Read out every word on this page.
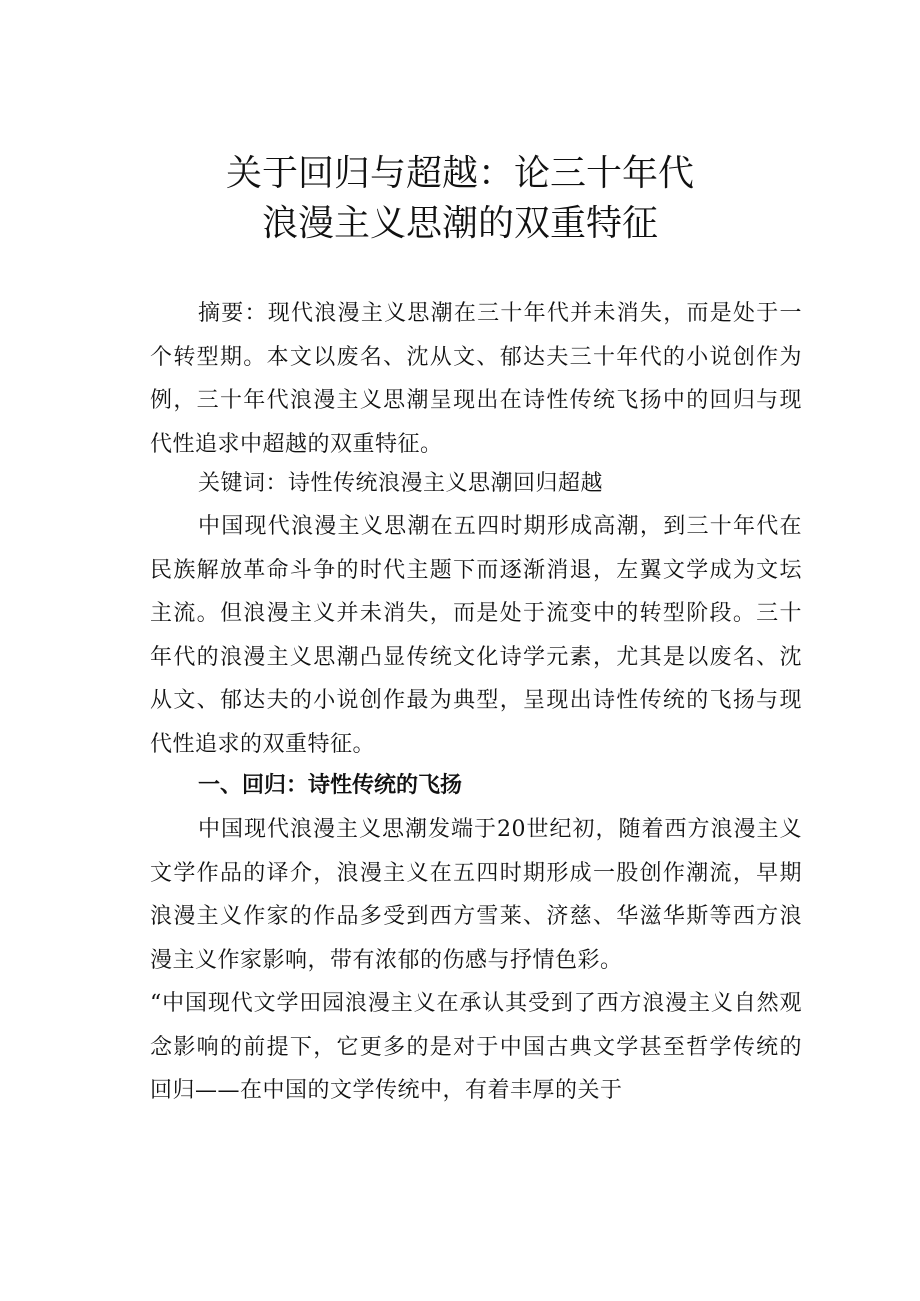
关于回归与超越：论三十年代
浪漫主义思潮的双重特征

摘要：现代浪漫主义思潮在三十年代并未消失，而是处于一个转型期。本文以废名、沈从文、郁达夫三十年代的小说创作为例，三十年代浪漫主义思潮呈现出在诗性传统飞扬中的回归与现代性追求中超越的双重特征。

关键词：诗性传统浪漫主义思潮回归超越

中国现代浪漫主义思潮在五四时期形成高潮，到三十年代在民族解放革命斗争的时代主题下而逐渐消退，左翼文学成为文坛主流。但浪漫主义并未消失，而是处于流变中的转型阶段。三十年代的浪漫主义思潮凸显传统文化诗学元素，尤其是以废名、沈从文、郁达夫的小说创作最为典型，呈现出诗性传统的飞扬与现代性追求的双重特征。

一、回归：诗性传统的飞扬

中国现代浪漫主义思潮发端于20世纪初，随着西方浪漫主义文学作品的译介，浪漫主义在五四时期形成一股创作潮流，早期浪漫主义作家的作品多受到西方雪莱、济慈、华滋华斯等西方浪漫主义作家影响，带有浓郁的伤感与抒情色彩。

“中国现代文学田园浪漫主义在承认其受到了西方浪漫主义自然观念影响的前提下，它更多的是对于中国古典文学甚至哲学传统的回归——在中国的文学传统中，有着丰厚的关于
